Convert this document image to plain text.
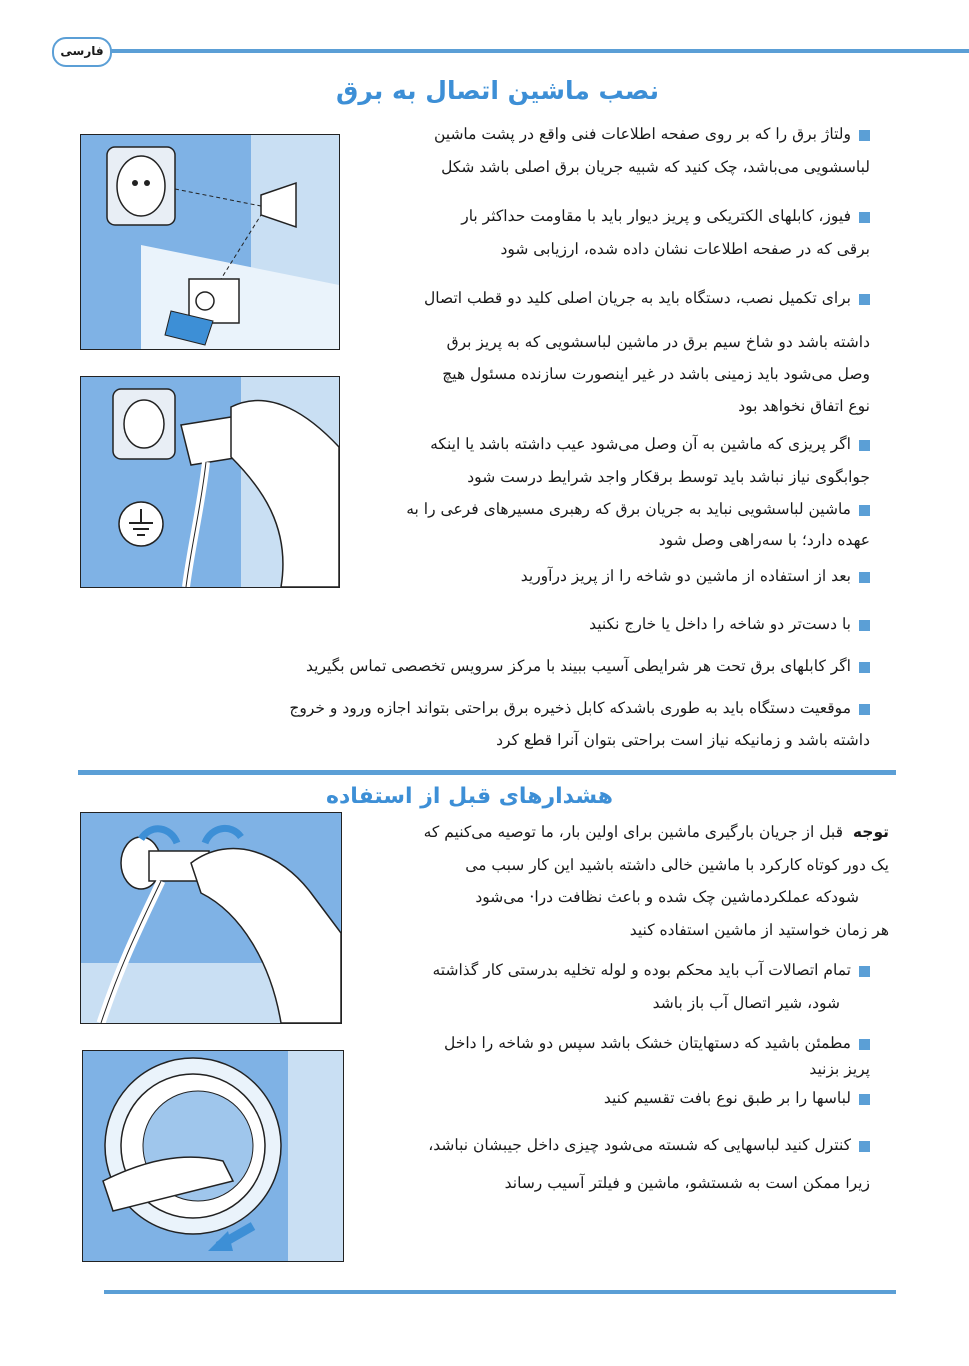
فارسی
نصب ماشین اتصال به برق
ولتاژ برق را که بر روی صفحه اطلاعات فنی واقع در پشت ماشین
لباسشویی می‌باشد، چک کنید که شبیه جریان برق اصلی باشد شکل
فیوز، کابلهای الکتریکی و پریز دیوار باید با مقاومت حداکثر بار
برقی که در صفحه اطلاعات نشان داده شده، ارزیابی شود
برای تکمیل نصب، دستگاه باید به جریان اصلی کلید دو قطب اتصال
داشته باشد دو شاخ سیم برق در ماشین لباسشویی که به پریز برق
وصل می‌شود باید زمینی باشد در غیر اینصورت سازنده مسئول هیچ
نوع اتفاق نخواهد بود
اگر پریزی که ماشین به آن وصل می‌شود عیب داشته باشد یا اینکه
جوابگوی نیاز نباشد باید توسط برقکار واجد شرایط درست شود
ماشین لباسشویی نباید به جریان برق که رهبری مسیرهای فرعی را به
عهده دارد؛ با سه‌راهی وصل شود
بعد از استفاده از ماشین دو شاخه را از پریز درآورید
با دست‌تر دو شاخه را داخل یا خارج نکنید
اگر کابلهای برق تحت هر شرایطی آسیب ببیند با مرکز سرویس تخصصی تماس بگیرید
موقعیت دستگاه باید به طوری باشدکه کابل ذخیره برق براحتی بتواند اجازه ورود و خروج
داشته باشد و زمانیکه نیاز است براحتی بتوان آنرا قطع کرد
هشدارهای قبل از استفاده
توجه  قبل از جریان بارگیری ماشین برای اولین بار، ما توصیه می‌کنیم که
یک دور کوتاه کارکرد با ماشین خالی داشته باشید این کار سبب می
شودکه عملکردماشین چک شده و باعث نظافت درا· می‌شود
هر زمان خواستید از ماشین استفاده کنید
تمام اتصالات آب باید محکم بوده و لوله تخلیه بدرستی کار گذاشته
شود، شیر اتصال آب باز باشد
مطمئن باشید که دستهایتان خشک باشد سپس دو شاخه را داخل
پریز بزنید
لباسها را بر طبق نوع بافت تقسیم کنید
کنترل کنید لباسهایی که شسته می‌شود چیزی داخل جیبشان نباشد،
زیرا ممکن است به شستشو، ماشین و فیلتر آسیب رساند
